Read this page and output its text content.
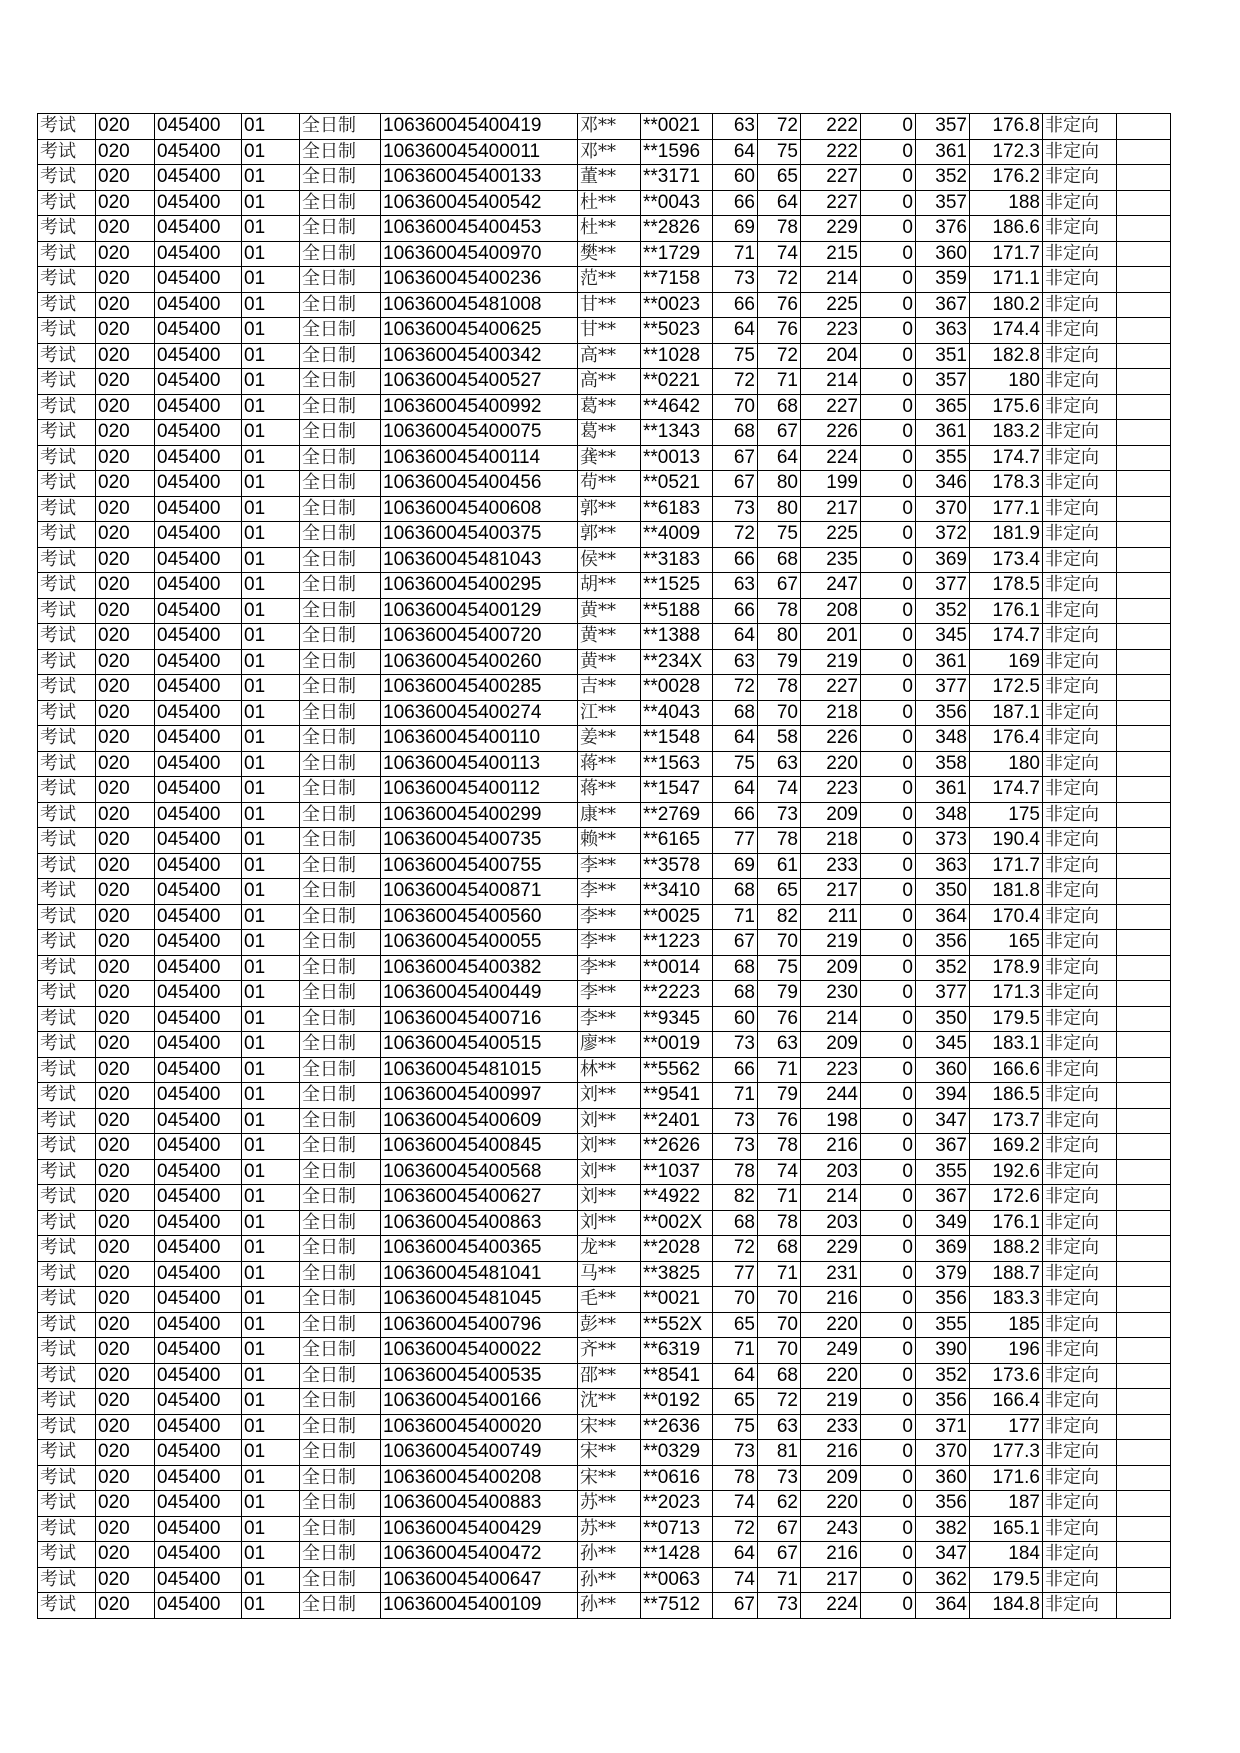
考试	020	045400	01	全日制	106360045400419	邓**	**0021	63	72	222	0	357	176.8	非定向	
考试	020	045400	01	全日制	106360045400011	邓**	**1596	64	75	222	0	361	172.3	非定向	
考试	020	045400	01	全日制	106360045400133	董**	**3171	60	65	227	0	352	176.2	非定向	
考试	020	045400	01	全日制	106360045400542	杜**	**0043	66	64	227	0	357	188	非定向	
考试	020	045400	01	全日制	106360045400453	杜**	**2826	69	78	229	0	376	186.6	非定向	
考试	020	045400	01	全日制	106360045400970	樊**	**1729	71	74	215	0	360	171.7	非定向	
考试	020	045400	01	全日制	106360045400236	范**	**7158	73	72	214	0	359	171.1	非定向	
考试	020	045400	01	全日制	106360045481008	甘**	**0023	66	76	225	0	367	180.2	非定向	
考试	020	045400	01	全日制	106360045400625	甘**	**5023	64	76	223	0	363	174.4	非定向	
考试	020	045400	01	全日制	106360045400342	高**	**1028	75	72	204	0	351	182.8	非定向	
考试	020	045400	01	全日制	106360045400527	高**	**0221	72	71	214	0	357	180	非定向	
考试	020	045400	01	全日制	106360045400992	葛**	**4642	70	68	227	0	365	175.6	非定向	
考试	020	045400	01	全日制	106360045400075	葛**	**1343	68	67	226	0	361	183.2	非定向	
考试	020	045400	01	全日制	106360045400114	龚**	**0013	67	64	224	0	355	174.7	非定向	
考试	020	045400	01	全日制	106360045400456	苟**	**0521	67	80	199	0	346	178.3	非定向	
考试	020	045400	01	全日制	106360045400608	郭**	**6183	73	80	217	0	370	177.1	非定向	
考试	020	045400	01	全日制	106360045400375	郭**	**4009	72	75	225	0	372	181.9	非定向	
考试	020	045400	01	全日制	106360045481043	侯**	**3183	66	68	235	0	369	173.4	非定向	
考试	020	045400	01	全日制	106360045400295	胡**	**1525	63	67	247	0	377	178.5	非定向	
考试	020	045400	01	全日制	106360045400129	黄**	**5188	66	78	208	0	352	176.1	非定向	
考试	020	045400	01	全日制	106360045400720	黄**	**1388	64	80	201	0	345	174.7	非定向	
考试	020	045400	01	全日制	106360045400260	黄**	**234X	63	79	219	0	361	169	非定向	
考试	020	045400	01	全日制	106360045400285	吉**	**0028	72	78	227	0	377	172.5	非定向	
考试	020	045400	01	全日制	106360045400274	江**	**4043	68	70	218	0	356	187.1	非定向	
考试	020	045400	01	全日制	106360045400110	姜**	**1548	64	58	226	0	348	176.4	非定向	
考试	020	045400	01	全日制	106360045400113	蒋**	**1563	75	63	220	0	358	180	非定向	
考试	020	045400	01	全日制	106360045400112	蒋**	**1547	64	74	223	0	361	174.7	非定向	
考试	020	045400	01	全日制	106360045400299	康**	**2769	66	73	209	0	348	175	非定向	
考试	020	045400	01	全日制	106360045400735	赖**	**6165	77	78	218	0	373	190.4	非定向	
考试	020	045400	01	全日制	106360045400755	李**	**3578	69	61	233	0	363	171.7	非定向	
考试	020	045400	01	全日制	106360045400871	李**	**3410	68	65	217	0	350	181.8	非定向	
考试	020	045400	01	全日制	106360045400560	李**	**0025	71	82	211	0	364	170.4	非定向	
考试	020	045400	01	全日制	106360045400055	李**	**1223	67	70	219	0	356	165	非定向	
考试	020	045400	01	全日制	106360045400382	李**	**0014	68	75	209	0	352	178.9	非定向	
考试	020	045400	01	全日制	106360045400449	李**	**2223	68	79	230	0	377	171.3	非定向	
考试	020	045400	01	全日制	106360045400716	李**	**9345	60	76	214	0	350	179.5	非定向	
考试	020	045400	01	全日制	106360045400515	廖**	**0019	73	63	209	0	345	183.1	非定向	
考试	020	045400	01	全日制	106360045481015	林**	**5562	66	71	223	0	360	166.6	非定向	
考试	020	045400	01	全日制	106360045400997	刘**	**9541	71	79	244	0	394	186.5	非定向	
考试	020	045400	01	全日制	106360045400609	刘**	**2401	73	76	198	0	347	173.7	非定向	
考试	020	045400	01	全日制	106360045400845	刘**	**2626	73	78	216	0	367	169.2	非定向	
考试	020	045400	01	全日制	106360045400568	刘**	**1037	78	74	203	0	355	192.6	非定向	
考试	020	045400	01	全日制	106360045400627	刘**	**4922	82	71	214	0	367	172.6	非定向	
考试	020	045400	01	全日制	106360045400863	刘**	**002X	68	78	203	0	349	176.1	非定向	
考试	020	045400	01	全日制	106360045400365	龙**	**2028	72	68	229	0	369	188.2	非定向	
考试	020	045400	01	全日制	106360045481041	马**	**3825	77	71	231	0	379	188.7	非定向	
考试	020	045400	01	全日制	106360045481045	毛**	**0021	70	70	216	0	356	183.3	非定向	
考试	020	045400	01	全日制	106360045400796	彭**	**552X	65	70	220	0	355	185	非定向	
考试	020	045400	01	全日制	106360045400022	齐**	**6319	71	70	249	0	390	196	非定向	
考试	020	045400	01	全日制	106360045400535	邵**	**8541	64	68	220	0	352	173.6	非定向	
考试	020	045400	01	全日制	106360045400166	沈**	**0192	65	72	219	0	356	166.4	非定向	
考试	020	045400	01	全日制	106360045400020	宋**	**2636	75	63	233	0	371	177	非定向	
考试	020	045400	01	全日制	106360045400749	宋**	**0329	73	81	216	0	370	177.3	非定向	
考试	020	045400	01	全日制	106360045400208	宋**	**0616	78	73	209	0	360	171.6	非定向	
考试	020	045400	01	全日制	106360045400883	苏**	**2023	74	62	220	0	356	187	非定向	
考试	020	045400	01	全日制	106360045400429	苏**	**0713	72	67	243	0	382	165.1	非定向	
考试	020	045400	01	全日制	106360045400472	孙**	**1428	64	67	216	0	347	184	非定向	
考试	020	045400	01	全日制	106360045400647	孙**	**0063	74	71	217	0	362	179.5	非定向	
考试	020	045400	01	全日制	106360045400109	孙**	**7512	67	73	224	0	364	184.8	非定向	
